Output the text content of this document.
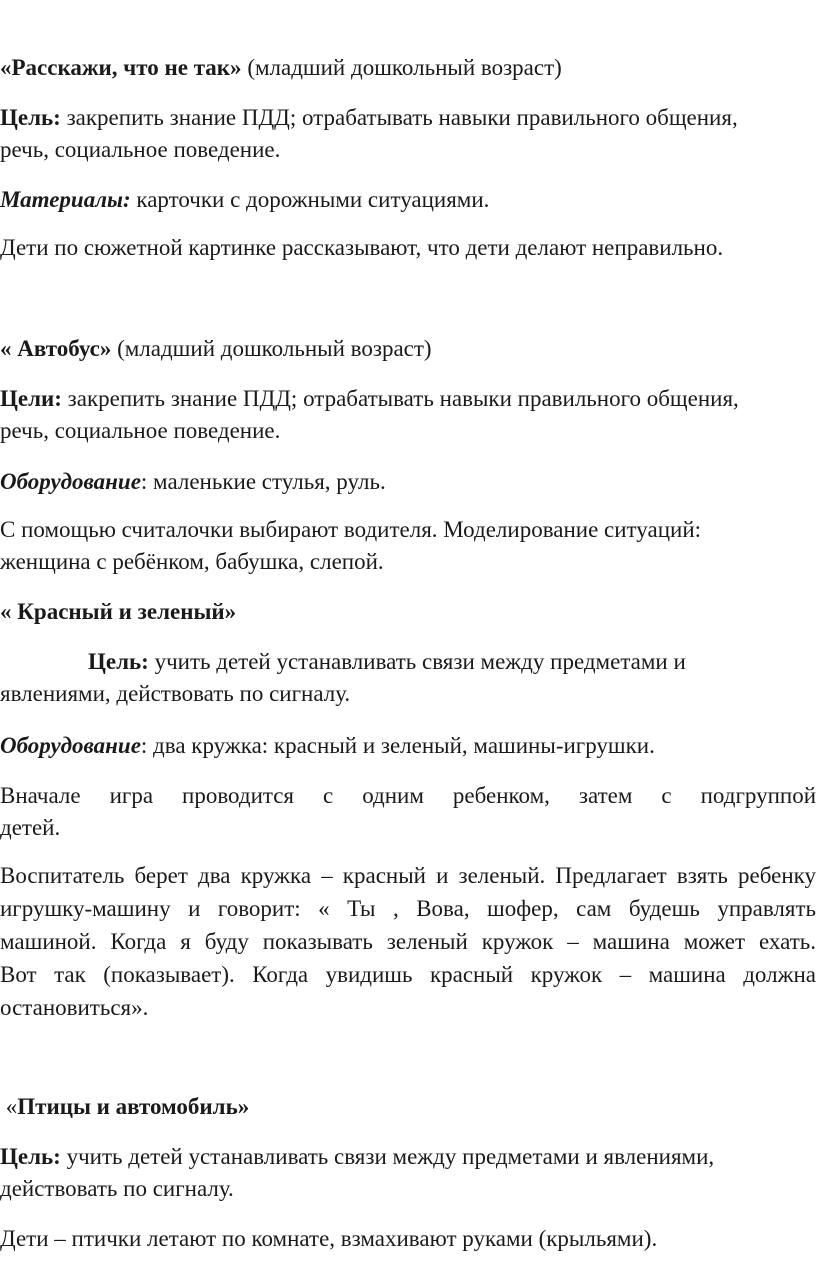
«Расскажи, что не так» (младший дошкольный возраст)

Цель: закрепить знание ПДД; отрабатывать навыки правильного общения,

речь, социальное поведение.

Материалы: карточки с дорожными ситуациями.

Дети по сюжетной картинке рассказывают, что дети делают неправильно.

« Автобус» (младший дошкольный возраст)

Цели: закрепить знание ПДД; отрабатывать навыки правильного общения,

речь, социальное поведение.

Оборудование: маленькие стулья, руль.

С помощью считалочки выбирают водителя. Моделирование ситуаций:

женщина с ребёнком, бабушка, слепой.

« Красный и зеленый»

Цель: учить детей устанавливать связи между предметами и

явлениями, действовать по сигналу.

Оборудование: два кружка: красный и зеленый, машины-игрушки.

Вначале игра проводится с одним ребенком, затем с подгруппой

детей.

Воспитатель берет два кружка – красный и зеленый. Предлагает взять ребенку

игрушку-машину и говорит: « Ты , Вова, шофер, сам будешь управлять

машиной. Когда я буду показывать зеленый кружок – машина может ехать.

Вот так (показывает). Когда увидишь красный кружок – машина должна

остановиться».

«Птицы и автомобиль»

Цель: учить детей устанавливать связи между предметами и явлениями,

действовать по сигналу.

Дети – птички летают по комнате, взмахивают руками (крыльями).
